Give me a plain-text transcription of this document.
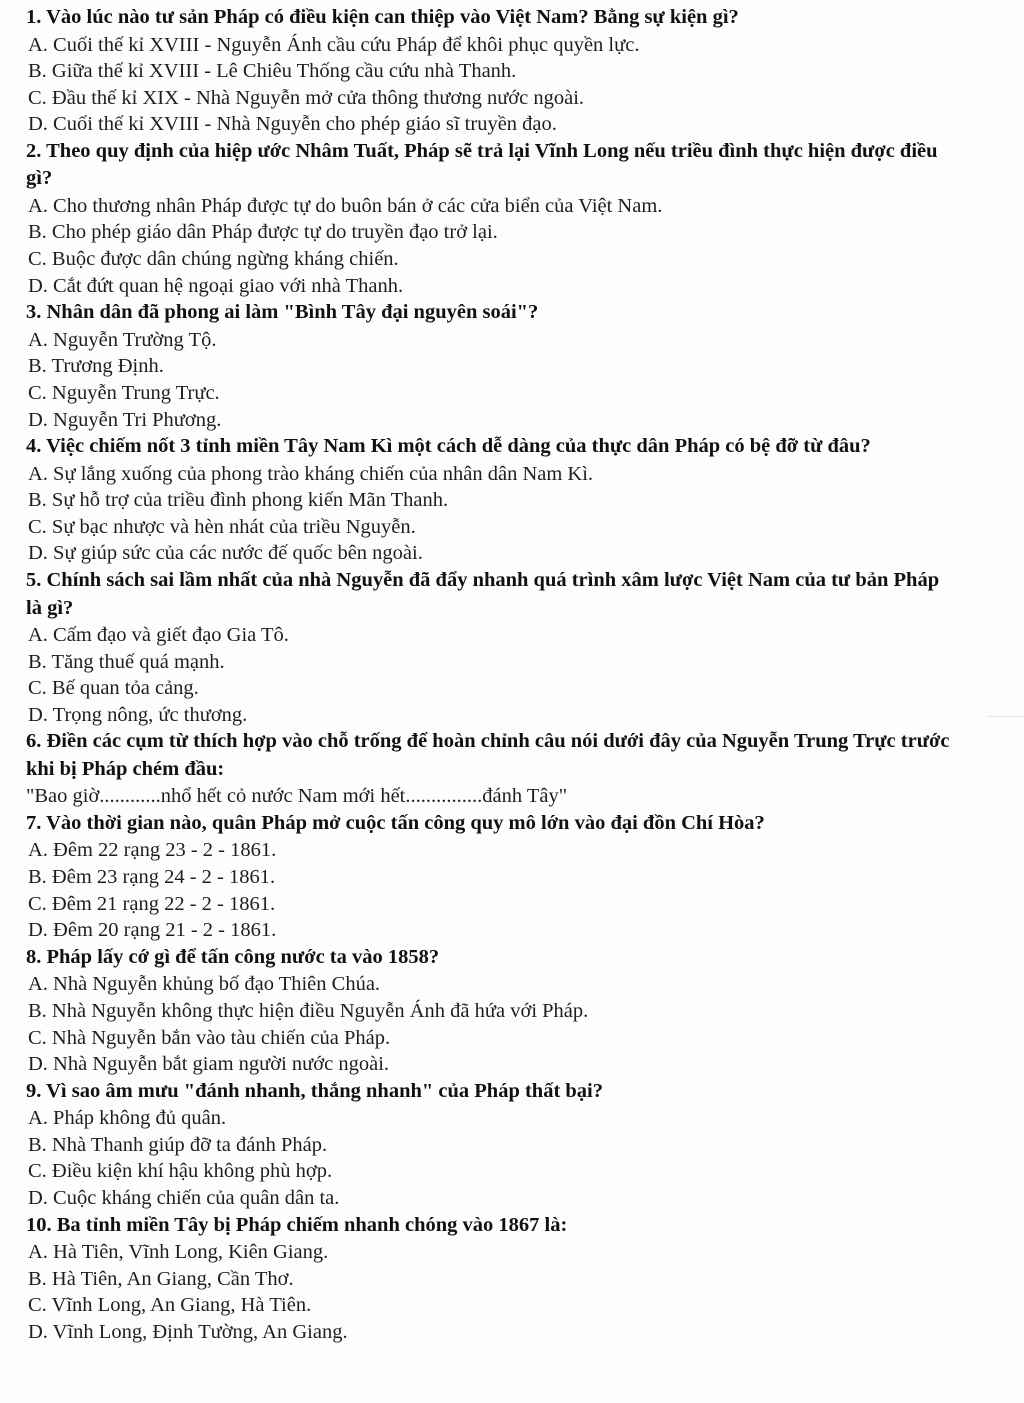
1. Vào lúc nào tư sản Pháp có điều kiện can thiệp vào Việt Nam? Bằng sự kiện gì?

A. Cuối thế kỉ XVIII - Nguyễn Ánh cầu cứu Pháp để khôi phục quyền lực.

B. Giữa thế kỉ XVIII - Lê Chiêu Thống cầu cứu nhà Thanh.

C. Đầu thế kỉ XIX - Nhà Nguyễn mở cửa thông thương nước ngoài.

D. Cuối thế kỉ XVIII - Nhà Nguyễn cho phép giáo sĩ truyền đạo.

2. Theo quy định của hiệp ước Nhâm Tuất, Pháp sẽ trả lại Vĩnh Long nếu triều đình thực hiện được điều gì?

A. Cho thương nhân Pháp được tự do buôn bán ở các cửa biển của Việt Nam.

B. Cho phép giáo dân Pháp được tự do truyền đạo trở lại.

C. Buộc được dân chúng ngừng kháng chiến.

D. Cắt đứt quan hệ ngoại giao với nhà Thanh.

3. Nhân dân đã phong ai làm "Bình Tây đại nguyên soái"?

A. Nguyễn Trường Tộ.

B. Trương Định.

C. Nguyễn Trung Trực.

D. Nguyễn Tri Phương.

4. Việc chiếm nốt 3 tỉnh miền Tây Nam Kì một cách dễ dàng của thực dân Pháp có bệ đỡ từ đâu?

A. Sự lắng xuống của phong trào kháng chiến của nhân dân Nam Kì.

B. Sự hỗ trợ của triều đình phong kiến Mãn Thanh.

C. Sự bạc nhược và hèn nhát của triều Nguyễn.

D. Sự giúp sức của các nước đế quốc bên ngoài.

5. Chính sách sai lầm nhất của nhà Nguyễn đã đẩy nhanh quá trình xâm lược Việt Nam của tư bản Pháp là gì?

A. Cấm đạo và giết đạo Gia Tô.

B. Tăng thuế quá mạnh.

C. Bế quan tỏa cảng.

D. Trọng nông, ức thương.

6. Điền các cụm từ thích hợp vào chỗ trống để hoàn chỉnh câu nói dưới đây của Nguyễn Trung Trực trước khi bị Pháp chém đầu:

"Bao giờ............nhổ hết cỏ nước Nam mới hết...............đánh Tây"

7. Vào thời gian nào, quân Pháp mở cuộc tấn công quy mô lớn vào đại đồn Chí Hòa?

A. Đêm 22 rạng 23 - 2 - 1861.

B. Đêm 23 rạng 24 - 2 - 1861.

C. Đêm 21 rạng 22 - 2 - 1861.

D. Đêm 20 rạng 21 - 2 - 1861.

8. Pháp lấy cớ gì để tấn công nước ta vào 1858?

A. Nhà Nguyễn khủng bố đạo Thiên Chúa.

B. Nhà Nguyễn không thực hiện điều Nguyễn Ánh đã hứa với Pháp.

C. Nhà Nguyễn bắn vào tàu chiến của Pháp.

D. Nhà Nguyễn bắt giam người nước ngoài.

9. Vì sao âm mưu "đánh nhanh, thắng nhanh" của Pháp thất bại?

A. Pháp không đủ quân.

B. Nhà Thanh giúp đỡ ta đánh Pháp.

C. Điều kiện khí hậu không phù hợp.

D. Cuộc kháng chiến của quân dân ta.

10. Ba tỉnh miền Tây bị Pháp chiếm nhanh chóng vào 1867 là:

A. Hà Tiên, Vĩnh Long, Kiên Giang.

B. Hà Tiên, An Giang, Cần Thơ.

C. Vĩnh Long, An Giang, Hà Tiên.

D. Vĩnh Long, Định Tường, An Giang.
